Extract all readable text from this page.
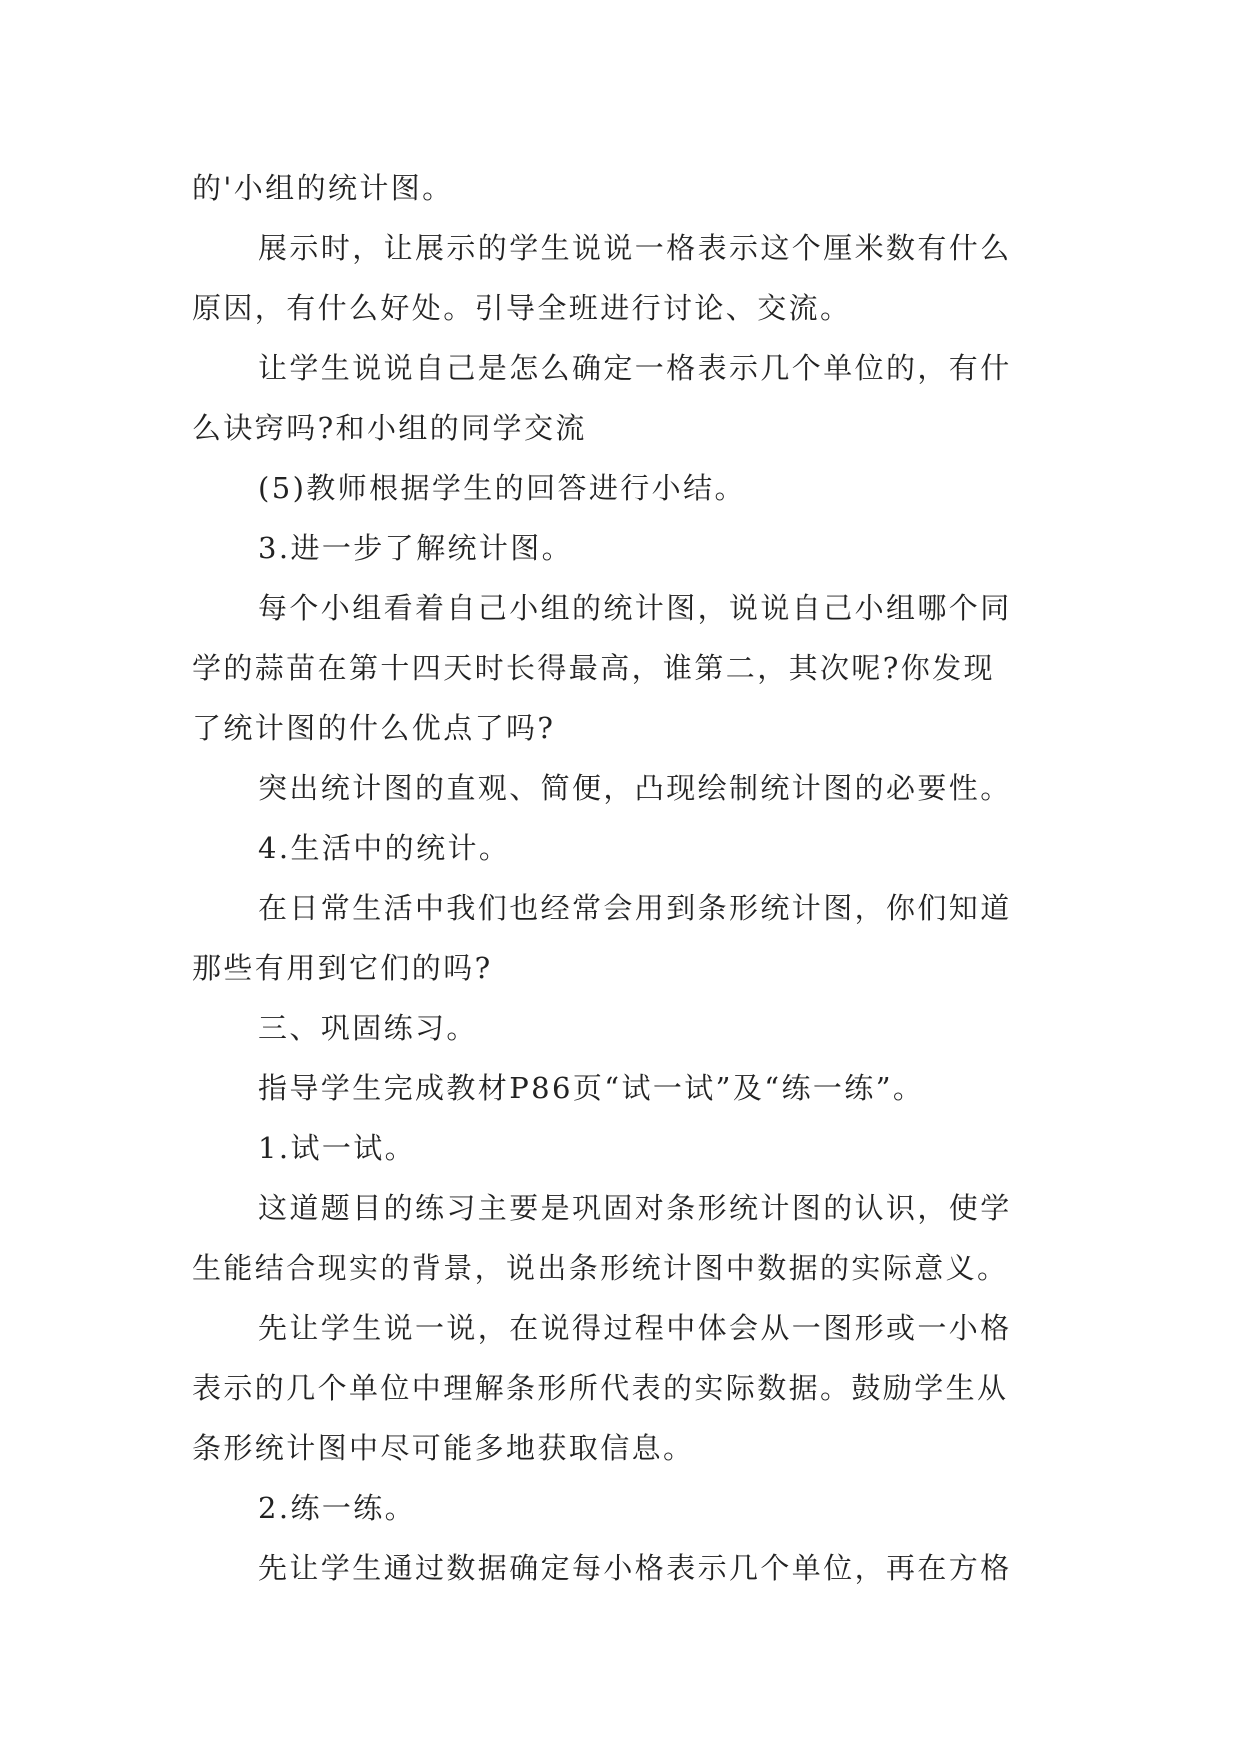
的'小组的统计图。
展示时，让展示的学生说说一格表示这个厘米数有什么
原因，有什么好处。引导全班进行讨论、交流。
让学生说说自己是怎么确定一格表示几个单位的，有什
么诀窍吗?和小组的同学交流
(5)教师根据学生的回答进行小结。
3.进一步了解统计图。
每个小组看着自己小组的统计图，说说自己小组哪个同
学的蒜苗在第十四天时长得最高，谁第二，其次呢?你发现
了统计图的什么优点了吗?
突出统计图的直观、简便，凸现绘制统计图的必要性。
4.生活中的统计。
在日常生活中我们也经常会用到条形统计图，你们知道
那些有用到它们的吗?
三、巩固练习。
指导学生完成教材P86页“试一试”及“练一练”。
1.试一试。
这道题目的练习主要是巩固对条形统计图的认识，使学
生能结合现实的背景，说出条形统计图中数据的实际意义。
先让学生说一说，在说得过程中体会从一图形或一小格
表示的几个单位中理解条形所代表的实际数据。鼓励学生从
条形统计图中尽可能多地获取信息。
2.练一练。
先让学生通过数据确定每小格表示几个单位，再在方格
